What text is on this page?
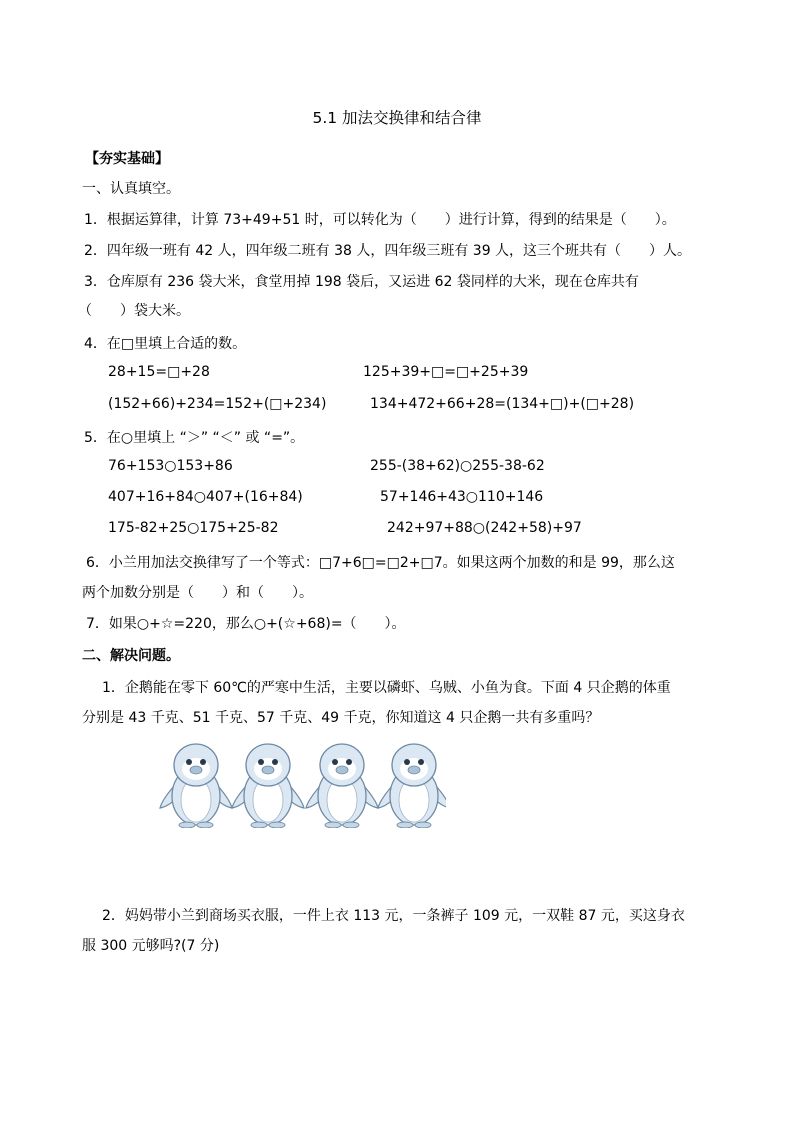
5.1 加法交换律和结合律
【夯实基础】
一、认真填空。
1．根据运算律，计算 73+49+51 时，可以转化为（　　）进行计算，得到的结果是（　　）。
2．四年级一班有 42 人，四年级二班有 38 人，四年级三班有 39 人，这三个班共有（　　）人。
3．仓库原有 236 袋大米，食堂用掉 198 袋后，又运进 62 袋同样的大米，现在仓库共有
（　　）袋大米。
4．在□里填上合适的数。
28+15=□+28	125+39+□=□+25+39
(152+66)+234=152+(□+234)	134+472+66+28=(134+□)+(□+28)
5．在○里填上 “＞” “＜” 或 “=”。
76+153○153+86	255-(38+62)○255-38-62
407+16+84○407+(16+84)	57+146+43○110+146
175-82+25○175+25-82	242+97+88○(242+58)+97
6．小兰用加法交换律写了一个等式：□7+6□=□2+□7。如果这两个加数的和是 99，那么这
两个加数分别是（　　）和（　　）。
7．如果○+☆=220，那么○+(☆+68)=（　　）。
二、解决问题。
1．企鹅能在零下 60℃的严寒中生活，主要以磷虾、乌贼、小鱼为食。下面 4 只企鹅的体重
分别是 43 千克、51 千克、57 千克、49 千克，你知道这 4 只企鹅一共有多重吗？
2．妈妈带小兰到商场买衣服，一件上衣 113 元，一条裤子 109 元，一双鞋 87 元，买这身衣
服 300 元够吗?(7 分)
